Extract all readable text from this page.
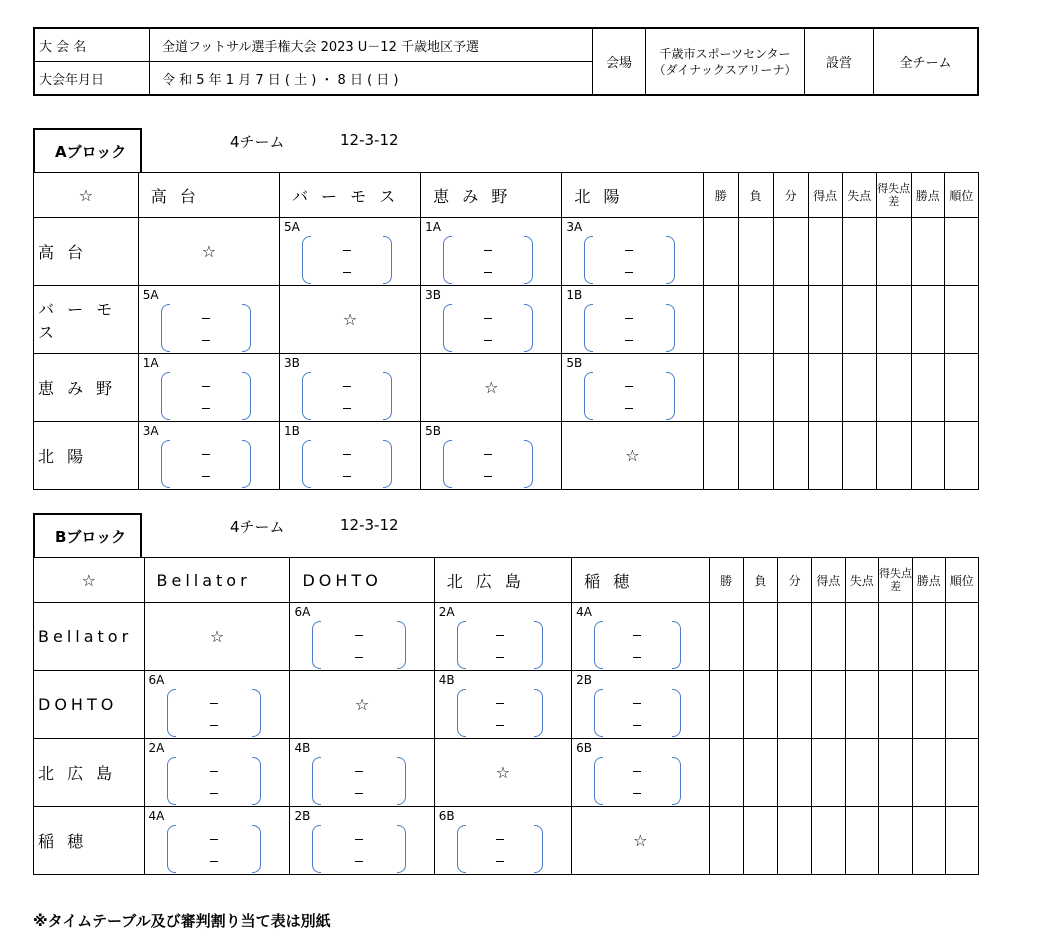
大 会 名	全道フットサル選手権大会 2023 U－12 千歳地区予選	会場	千歳市スポーツセンター
（ダイナックスアリーナ）	設営	全チーム
大会年月日	令 和 5 年 1 月 7 日 ( 土 ) ・ 8 日 ( 日 )				
Aブロック
4チーム	12-3-12
☆	高 台	バ ー モ ス	恵 み 野	北 陽	勝	負	分	得点	失点	得失点差	勝点	順位
高 台	☆	5A	1A	3A								

バ ー モ ス	5A	☆	3B	1B								

恵 み 野	1A	3B	☆	5B								

北 陽	3A	1B	5B	☆								
Bブロック
4チーム	12-3-12
☆	Bellator	DOHTO	北 広 島	稲 穂	勝	負	分	得点	失点	得失点差	勝点	順位
Bellator	☆	6A	2A	4A								

DOHTO	6A	☆	4B	2B								

北 広 島	2A	4B	☆	6B								

稲 穂	4A	2B	6B	☆								
※タイムテーブル及び審判割り当て表は別紙
